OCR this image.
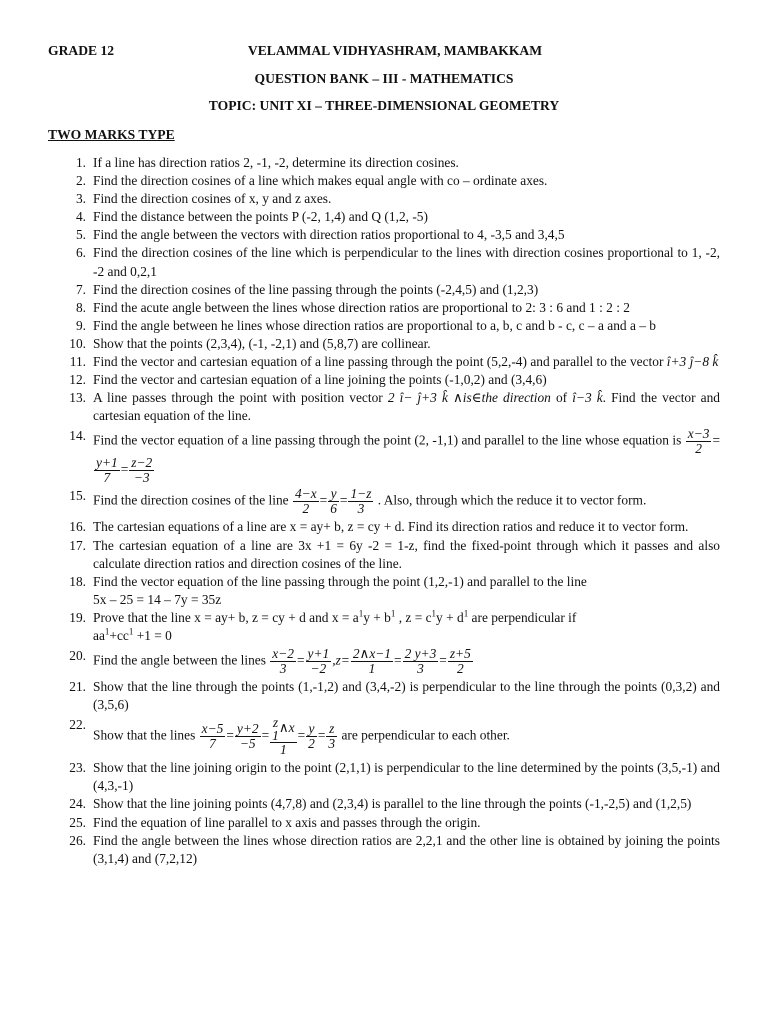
GRADE 12	VELAMMAL VIDHYASHRAM, MAMBAKKAM
QUESTION BANK – III - MATHEMATICS
TOPIC: UNIT XI – THREE-DIMENSIONAL GEOMETRY
TWO MARKS TYPE
1. If a line has direction ratios 2, -1, -2, determine its direction cosines.
2. Find the direction cosines of a line which makes equal angle with co – ordinate axes.
3. Find the direction cosines of x, y and z axes.
4. Find the distance between the points P (-2, 1,4) and Q (1,2, -5)
5. Find the angle between the vectors with direction ratios proportional to 4, -3,5 and 3,4,5
6. Find the direction cosines of the line which is perpendicular to the lines with direction cosines proportional to 1, -2, -2 and 0,2,1
7. Find the direction cosines of the line passing through the points (-2,4,5) and (1,2,3)
8. Find the acute angle between the lines whose direction ratios are proportional to 2: 3 : 6 and 1 : 2 : 2
9. Find the angle between he lines whose direction ratios are proportional to a, b, c and b - c, c – a and a – b
10. Show that the points (2,3,4), (-1, -2,1) and (5,8,7) are collinear.
11. Find the vector and cartesian equation of a line passing through the point (5,2,-4) and parallel to the vector î+3 ĵ−8 k̂
12. Find the vector and cartesian equation of a line joining the points (-1,0,2) and (3,4,6)
13. A line passes through the point with position vector 2 î− ĵ+3 k̂ ∧is∈the direction of î−3 k̂. Find the vector and cartesian equation of the line.
14. Find the vector equation of a line passing through the point (2, -1,1) and parallel to the line whose equation is $\frac{x-3}{2}$ =
$\frac{y+1}{7} = \frac{z-2}{-3}$
15. Find the direction cosines of the line $\frac{4-x}{2} = \frac{y}{6} = \frac{1-z}{3}$ . Also, through which the reduce it to vector form.
16. The cartesian equations of a line are x = ay+ b, z = cy + d. Find its direction ratios and reduce it to vector form.
17. The cartesian equation of a line are 3x +1 = 6y -2 = 1-z, find the fixed-point through which it passes and also calculate direction ratios and direction cosines of the line.
18. Find the vector equation of the line passing through the point (1,2,-1) and parallel to the line
5x – 25 = 14 – 7y = 35z
19. Prove that the line x = ay+ b, z = cy + d and $x = a^1y + b^1$ , $z = c^1y + d^1$ are perpendicular if
$aa^1+cc^1 +1 = 0$
20. Find the angle between the lines $\frac{x-2}{3} = \frac{y+1}{-2} ,z= \frac{2\wedge x-1}{1} = \frac{2 y+3}{3} = \frac{z+5}{2}$
21. Show that the line through the points (1,-1,2) and (3,4,-2) is perpendicular to the line through the points (0,3,2) and (3,5,6)
22.
Show that the lines $\frac{x-5}{7} = \frac{y+2}{-5} = z$
1
∧x
$1 = \frac{y}{2} = \frac{z}{3}$ are perpendicular to each other.
23. Show that the line joining origin to the point (2,1,1) is perpendicular to the line determined by the points (3,5,-1) and (4,3,-1)
24. Show that the line joining points (4,7,8) and (2,3,4) is parallel to the line through the points (-1,-2,5) and (1,2,5)
25. Find the equation of line parallel to x axis and passes through the origin.
26. Find the angle between the lines whose direction ratios are 2,2,1 and the other line is obtained by joining the points (3,1,4) and (7,2,12)
